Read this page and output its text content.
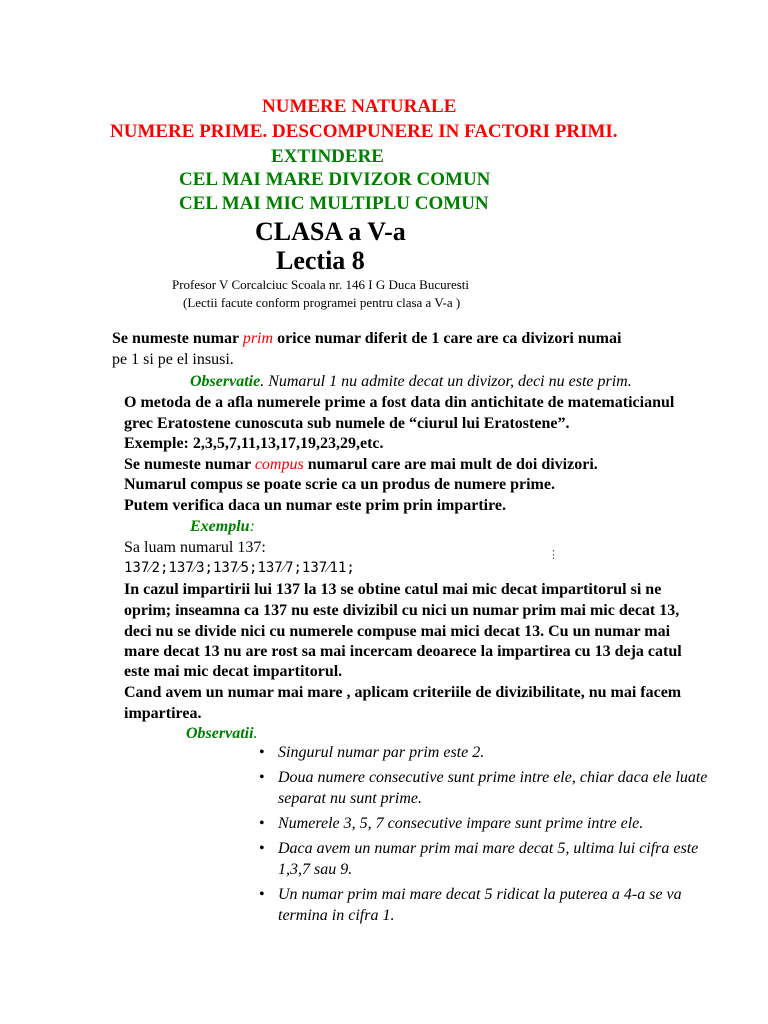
NUMERE NATURALE
NUMERE PRIME. DESCOMPUNERE IN FACTORI PRIMI.
EXTINDERE
CEL MAI MARE DIVIZOR COMUN
CEL MAI MIC MULTIPLU COMUN
CLASA a V-a
Lectia 8
Profesor V Corcalciuc Scoala nr. 146 I G Duca Bucuresti
(Lectii facute conform programei pentru clasa a V-a )
Se numeste numar prim orice numar diferit de 1 care are ca divizori numai
pe 1 si pe el insusi.
Observatie. Numarul 1 nu admite decat un divizor, deci nu este prim.
O metoda de a afla numerele prime a fost data din antichitate de matematicianul
grec Eratostene cunoscuta sub numele de “ciurul lui Eratostene”.
Exemple: 2,3,5,7,11,13,17,19,23,29,etc.
Se numeste numar compus numarul care are mai mult de doi divizori.
Numarul compus se poate scrie ca un produs de numere prime.
Putem verifica daca un numar este prim prin impartire.
Exemplu:
Sa luam numarul 137:
137⁄2;137⁄3;137⁄5;137⁄7;137⁄11;
⋮
In cazul impartirii lui 137 la 13 se obtine catul mai mic decat impartitorul si ne
oprim; inseamna ca 137 nu este divizibil cu nici un numar prim mai mic decat 13,
deci nu se divide nici cu numerele compuse mai mici decat 13. Cu un numar mai
mare decat 13 nu are rost sa mai incercam deoarece la impartirea cu 13 deja catul
este mai mic decat impartitorul.
Cand avem un numar mai mare , aplicam criteriile de divizibilitate, nu mai facem
impartirea.
Observatii.
• Singurul numar par prim este 2.
• Doua numere consecutive sunt prime intre ele, chiar daca ele luate separat nu sunt prime.
• Numerele 3, 5, 7 consecutive impare sunt prime intre ele.
• Daca avem un numar prim mai mare decat 5, ultima lui cifra este 1,3,7 sau 9.
• Un numar prim mai mare decat 5 ridicat la puterea a 4-a se va termina in cifra 1.
